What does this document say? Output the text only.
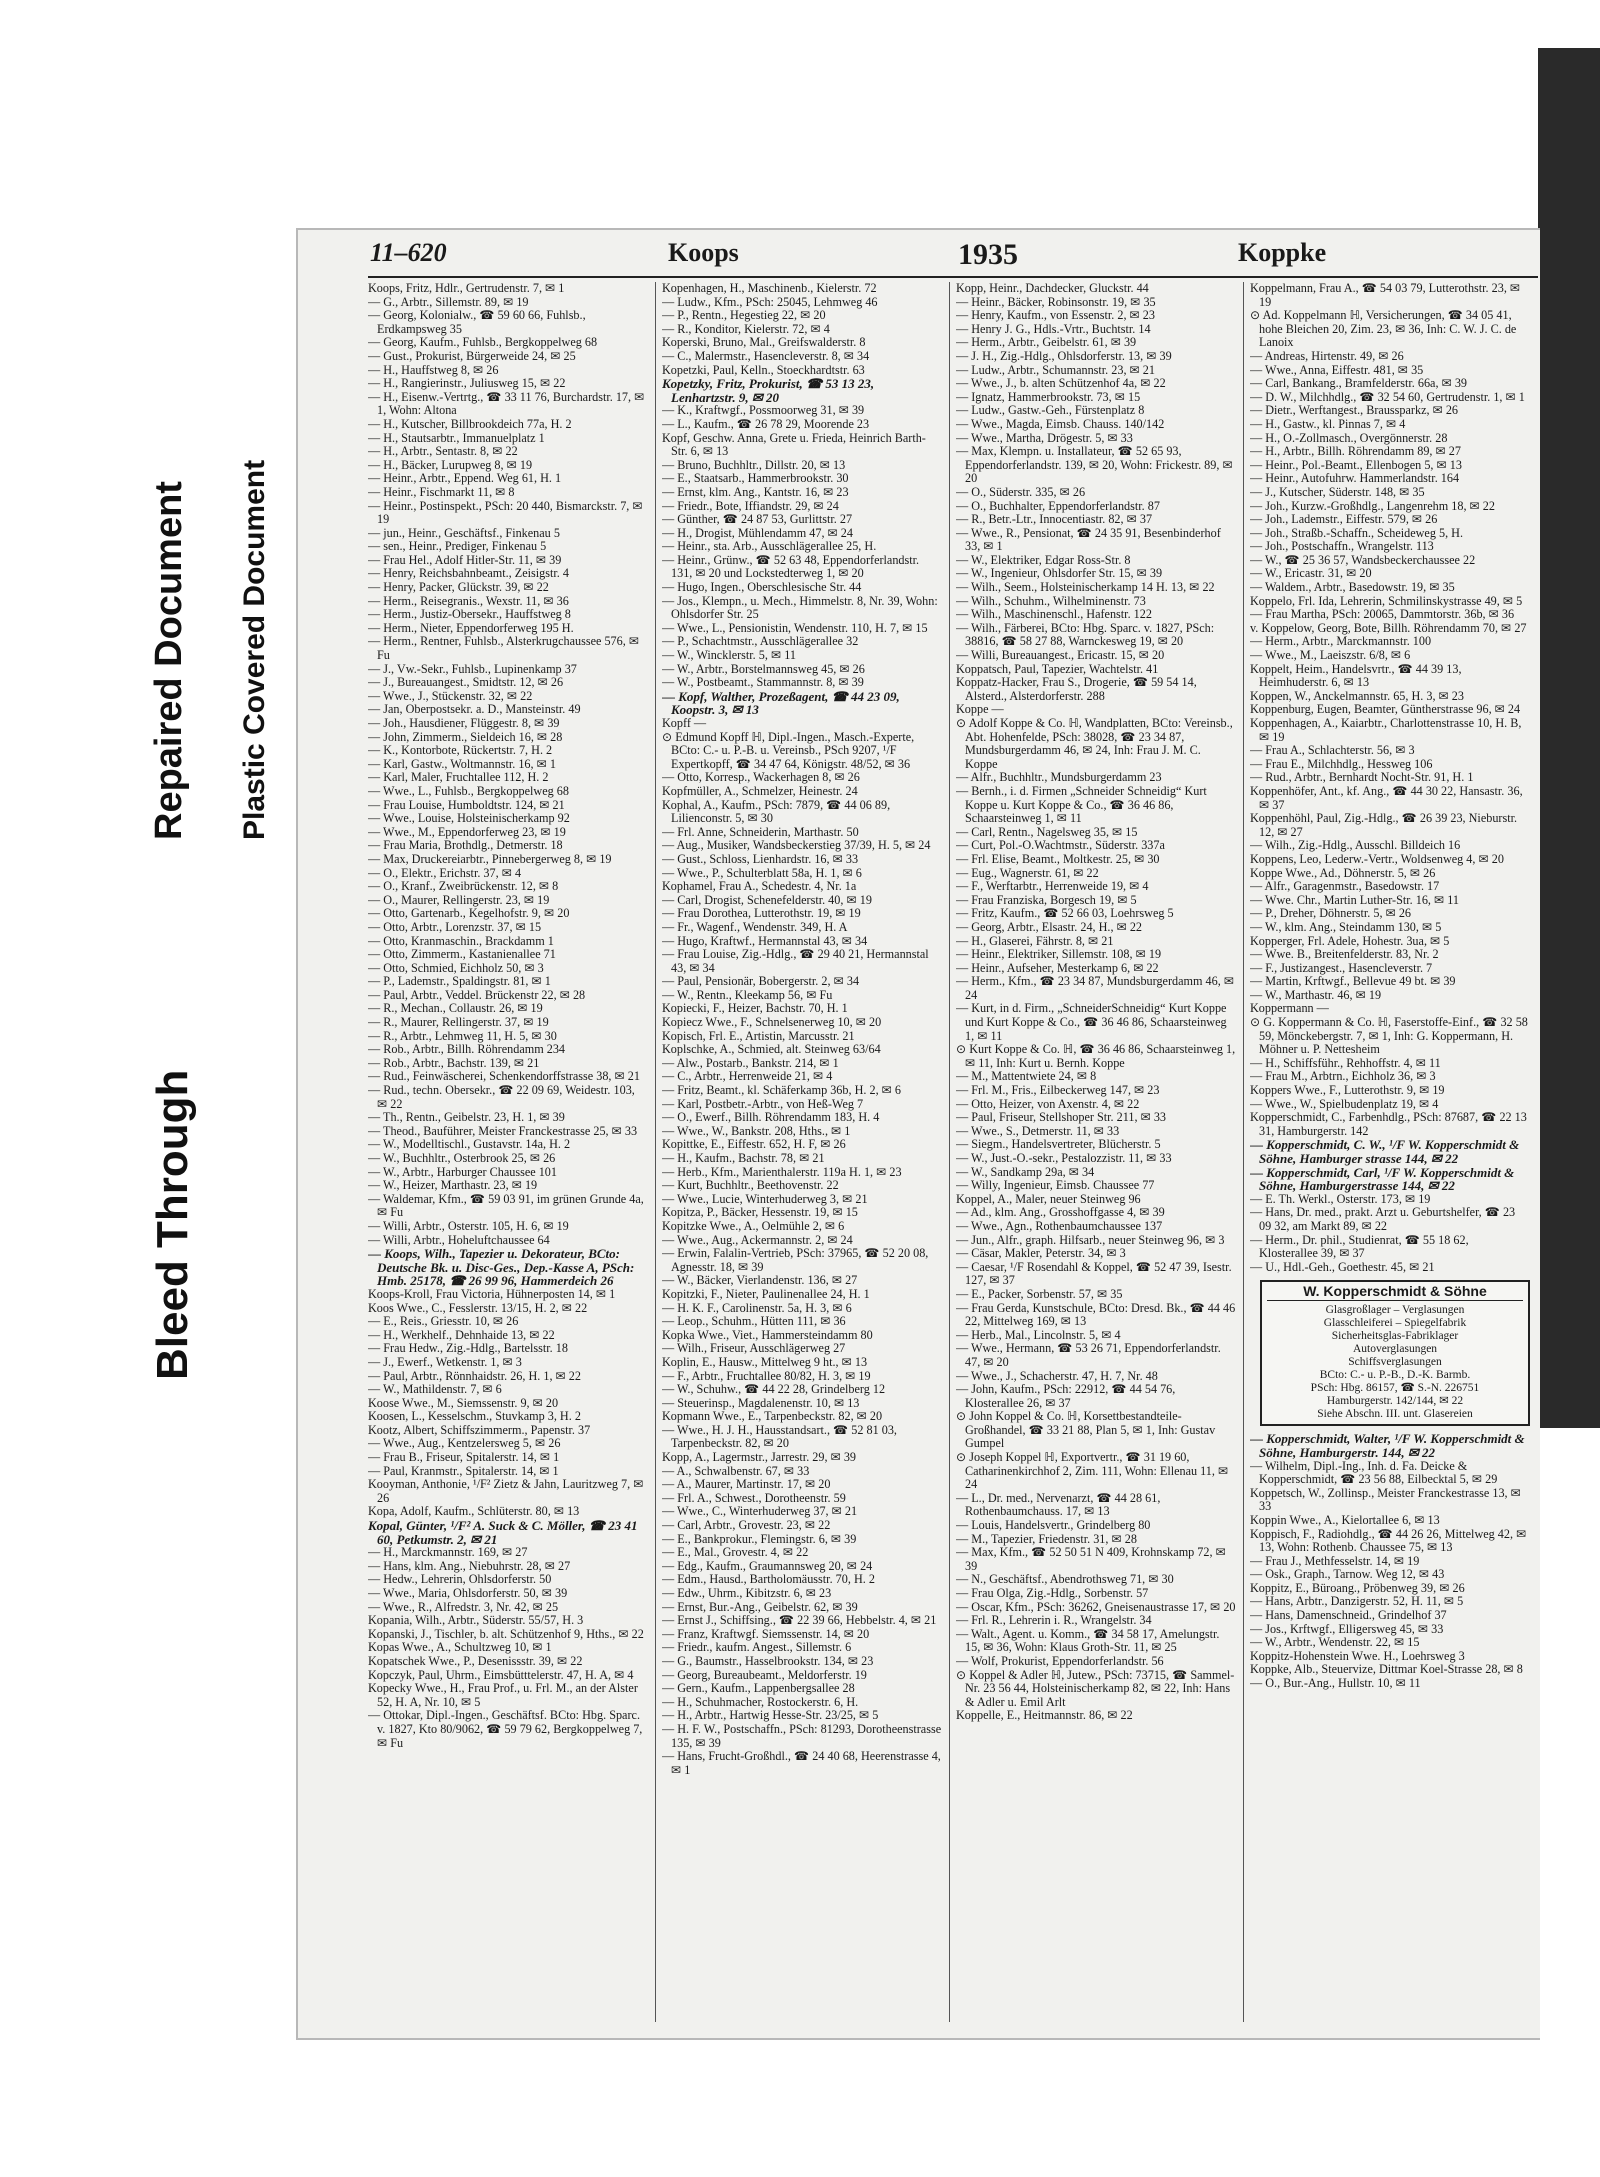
Bleed Through
Repaired Document Plastic Covered Document
11–620	Koops	1935	Koppke

Koops, Fritz, Hdlr., Gertrudenstr. 7, ✉ 1

— G., Arbtr., Sillemstr. 89, ✉ 19

— Georg, Kolonialw., ☎ 59 60 66, Fuhlsb., Erdkampsweg 35

— Georg, Kaufm., Fuhlsb., Bergkoppelweg 68

— Gust., Prokurist, Bürgerweide 24, ✉ 25

— H., Hauffstweg 8, ✉ 26

— H., Rangierinstr., Juliusweg 15, ✉ 22

— H., Eisenw.-Vertrtg., ☎ 33 11 76, Burchardstr. 17, ✉ 1, Wohn: Altona

— H., Kutscher, Billbrookdeich 77a, H. 2

— H., Stautsarbtr., Immanuelplatz 1

— H., Arbtr., Sentastr. 8, ✉ 22

— H., Bäcker, Lurupweg 8, ✉ 19

— Heinr., Arbtr., Eppend. Weg 61, H. 1

— Heinr., Fischmarkt 11, ✉ 8

— Heinr., Postinspekt., PSch: 20 440, Bismarckstr. 7, ✉ 19

— jun., Heinr., Geschäftsf., Finkenau 5

— sen., Heinr., Prediger, Finkenau 5

— Frau Hel., Adolf Hitler-Str. 11, ✉ 39

— Henry, Reichsbahnbeamt., Zeisigstr. 4

— Henry, Packer, Glückstr. 39, ✉ 22

— Herm., Reisegranis., Wexstr. 11, ✉ 36

— Herm., Justiz-Obersekr., Hauffstweg 8

— Herm., Nieter, Eppendorferweg 195 H.

— Herm., Rentner, Fuhlsb., Alsterkrugchaussee 576, ✉ Fu

— J., Vw.-Sekr., Fuhlsb., Lupinenkamp 37

— J., Bureauangest., Smidtstr. 12, ✉ 26

— Wwe., J., Stückenstr. 32, ✉ 22

— Jan, Oberpostsekr. a. D., Mansteinstr. 49

— Joh., Hausdiener, Flüggestr. 8, ✉ 39

— John, Zimmerm., Sieldeich 16, ✉ 28

— K., Kontorbote, Rückertstr. 7, H. 2

— Karl, Gastw., Woltmannstr. 16, ✉ 1

— Karl, Maler, Fruchtallee 112, H. 2

— Wwe., L., Fuhlsb., Bergkoppelweg 68

— Frau Louise, Humboldtstr. 124, ✉ 21

— Wwe., Louise, Holsteinischerkamp 92

— Wwe., M., Eppendorferweg 23, ✉ 19

— Frau Maria, Brothdlg., Detmerstr. 18

— Max, Druckereiarbtr., Pinnebergerweg 8, ✉ 19

— O., Elektr., Erichstr. 37, ✉ 4

— O., Kranf., Zweibrückenstr. 12, ✉ 8

— O., Maurer, Rellingerstr. 23, ✉ 19

— Otto, Gartenarb., Kegelhofstr. 9, ✉ 20

— Otto, Arbtr., Lorenzstr. 37, ✉ 15

— Otto, Kranmaschin., Brackdamm 1

— Otto, Zimmerm., Kastanienallee 71

— Otto, Schmied, Eichholz 50, ✉ 3

— P., Lademstr., Spaldingstr. 81, ✉ 1

— Paul, Arbtr., Veddel. Brückenstr 22, ✉ 28

— R., Mechan., Collaustr. 26, ✉ 19

— R., Maurer, Rellingerstr. 37, ✉ 19

— R., Arbtr., Lehmweg 11, H. 5, ✉ 30

— Rob., Arbtr., Billh. Röhrendamm 234

— Rob., Arbtr., Bachstr. 139, ✉ 21

— Rud., Feinwäscherei, Schenkendorffstrasse 38, ✉ 21

— Rud., techn. Obersekr., ☎ 22 09 69, Weidestr. 103, ✉ 22

— Th., Rentn., Geibelstr. 23, H. 1, ✉ 39

— Theod., Bauführer, Meister Franckestrasse 25, ✉ 33

— W., Modelltischl., Gustavstr. 14a, H. 2

— W., Buchhltr., Osterbrook 25, ✉ 26

— W., Arbtr., Harburger Chaussee 101

— W., Heizer, Marthastr. 23, ✉ 19

— Waldemar, Kfm., ☎ 59 03 91, im grünen Grunde 4a, ✉ Fu

— Willi, Arbtr., Osterstr. 105, H. 6, ✉ 19

— Willi, Arbtr., Hoheluftchaussee 64

— Koops, Wilh., Tapezier u. Dekorateur, BCto: Deutsche Bk. u. Disc-Ges., Dep.-Kasse A, PSch: Hmb. 25178, ☎ 26 99 96, Hammerdeich 26

Koops-Kroll, Frau Victoria, Hühnerposten 14, ✉ 1

Koos Wwe., C., Fesslerstr. 13/15, H. 2, ✉ 22

— E., Reis., Griesstr. 10, ✉ 26

— H., Werkhelf., Dehnhaide 13, ✉ 22

— Frau Hedw., Zig.-Hdlg., Bartelsstr. 18

— J., Ewerf., Wetkenstr. 1, ✉ 3

— Paul, Arbtr., Rönnhaidstr. 26, H. 1, ✉ 22

— W., Mathildenstr. 7, ✉ 6

Koose Wwe., M., Siemssenstr. 9, ✉ 20

Koosen, L., Kesselschm., Stuvkamp 3, H. 2

Kootz, Albert, Schiffszimmerm., Papenstr. 37

— Wwe., Aug., Kentzelersweg 5, ✉ 26

— Frau B., Friseur, Spitalerstr. 14, ✉ 1

— Paul, Kranmstr., Spitalerstr. 14, ✉ 1

Kooyman, Anthonie, ¹/F² Zietz & Jahn, Lauritzweg 7, ✉ 26

Kopa, Adolf, Kaufm., Schlüterstr. 80, ✉ 13

Kopal, Günter, ¹/F² A. Suck & C. Möller, ☎ 23 41 60, Petkumstr. 2, ✉ 21

— H., Marckmannstr. 169, ✉ 27

— Hans, klm. Ang., Niebuhrstr. 28, ✉ 27

— Hedw., Lehrerin, Ohlsdorferstr. 50

— Wwe., Maria, Ohlsdorferstr. 50, ✉ 39

— Wwe., R., Alfredstr. 3, Nr. 42, ✉ 25

Kopania, Wilh., Arbtr., Süderstr. 55/57, H. 3

Kopanski, J., Tischler, b. alt. Schützenhof 9, Hths., ✉ 22

Kopas Wwe., A., Schultzweg 10, ✉ 1

Kopatschek Wwe., P., Desenissstr. 39, ✉ 22

Kopczyk, Paul, Uhrm., Eimsbütttelerstr. 47, H. A, ✉ 4

Kopecky Wwe., H., Frau Prof., u. Frl. M., an der Alster 52, H. A, Nr. 10, ✉ 5

— Ottokar, Dipl.-Ingen., Geschäftsf. BCto: Hbg. Sparc. v. 1827, Kto 80/9062, ☎ 59 79 62, Bergkoppelweg 7, ✉ Fu

Kopenhagen, H., Maschinenb., Kielerstr. 72

— Ludw., Kfm., PSch: 25045, Lehmweg 46

— P., Rentn., Hegestieg 22, ✉ 20

— R., Konditor, Kielerstr. 72, ✉ 4

Koperski, Bruno, Mal., Greifswalderstr. 8

— C., Malermstr., Hasencleverstr. 8, ✉ 34

Kopetzki, Paul, Kelln., Stoeckhardtstr. 63

Kopetzky, Fritz, Prokurist, ☎ 53 13 23, Lenhartzstr. 9, ✉ 20

— K., Kraftwgf., Possmoorweg 31, ✉ 39

— L., Kaufm., ☎ 26 78 29, Moorende 23

Kopf, Geschw. Anna, Grete u. Frieda, Heinrich Barth-Str. 6, ✉ 13

— Bruno, Buchhltr., Dillstr. 20, ✉ 13

— E., Staatsarb., Hammerbrookstr. 30

— Ernst, klm. Ang., Kantstr. 16, ✉ 23

— Friedr., Bote, Iffiandstr. 29, ✉ 24

— Günther, ☎ 24 87 53, Gurlittstr. 27

— H., Drogist, Mühlendamm 47, ✉ 24

— Heinr., sta. Arb., Ausschlägerallee 25, H.

— Heinr., Grünw., ☎ 52 63 48, Eppendorferlandstr. 131, ✉ 20 und Lockstedterweg 1, ✉ 20

— Hugo, Ingen., Oberschlesische Str. 44

— Jos., Klempn., u. Mech., Himmelstr. 8, Nr. 39, Wohn: Ohlsdorfer Str. 25

— Wwe., L., Pensionistin, Wendenstr. 110, H. 7, ✉ 15

— P., Schachtmstr., Ausschlägerallee 32

— W., Wincklerstr. 5, ✉ 11

— W., Arbtr., Borstelmannsweg 45, ✉ 26

— W., Postbeamt., Stammannstr. 8, ✉ 39

— Kopf, Walther, Prozeßagent, ☎ 44 23 09, Koopstr. 3, ✉ 13

Kopff —

⊙ Edmund Kopff ℍ, Dipl.-Ingen., Masch.-Experte, BCto: C.- u. P.-B. u. Vereinsb., PSch 9207, ¹/F Expertkopff, ☎ 34 47 64, Königstr. 48/52, ✉ 36

— Otto, Korresp., Wackerhagen 8, ✉ 26

Kopfmüller, A., Schmelzer, Heinestr. 24

Kophal, A., Kaufm., PSch: 7879, ☎ 44 06 89, Lilienconstr. 5, ✉ 30

— Frl. Anne, Schneiderin, Marthastr. 50

— Aug., Musiker, Wandsbeckerstieg 37/39, H. 5, ✉ 24

— Gust., Schloss, Lienhardstr. 16, ✉ 33

— Wwe., P., Schulterblatt 58a, H. 1, ✉ 6

Kophamel, Frau A., Schedestr. 4, Nr. 1a

— Carl, Drogist, Schenefelderstr. 40, ✉ 19

— Frau Dorothea, Lutterothstr. 19, ✉ 19

— Fr., Wagenf., Wendenstr. 349, H. A

— Hugo, Kraftwf., Hermannstal 43, ✉ 34

— Frau Louise, Zig.-Hdlg., ☎ 29 40 21, Hermannstal 43, ✉ 34

— Paul, Pensionär, Bobergerstr. 2, ✉ 34

— W., Rentn., Kleekamp 56, ✉ Fu

Kopiecki, F., Heizer, Bachstr. 70, H. 1

Kopiecz Wwe., F., Schnelsenerweg 10, ✉ 20

Kopisch, Frl. E., Artistin, Marcusstr. 21

Koplschke, A., Schmied, alt. Steinweg 63/64

— Alw., Postarb., Bankstr. 214, ✉ 1

— C., Arbtr., Herrenweide 21, ✉ 4

— Fritz, Beamt., kl. Schäferkamp 36b, H. 2, ✉ 6

— Karl, Postbetr.-Arbtr., von Heß-Weg 7

— O., Ewerf., Billh. Röhrendamm 183, H. 4

— Wwe., W., Bankstr. 208, Hths., ✉ 1

Kopittke, E., Eiffestr. 652, H. F, ✉ 26

— H., Kaufm., Bachstr. 78, ✉ 21

— Herb., Kfm., Marienthalerstr. 119a H. 1, ✉ 23

— Kurt, Buchhltr., Beethovenstr. 22

— Wwe., Lucie, Winterhuderweg 3, ✉ 21

Kopitza, P., Bäcker, Hessenstr. 19, ✉ 15

Kopitzke Wwe., A., Oelmühle 2, ✉ 6

— Wwe., Aug., Ackermannstr. 2, ✉ 24

— Erwin, Falalin-Vertrieb, PSch: 37965, ☎ 52 20 08, Agnesstr. 18, ✉ 39

— W., Bäcker, Vierlandenstr. 136, ✉ 27

Kopitzki, F., Nieter, Paulinenallee 24, H. 1

— H. K. F., Carolinenstr. 5a, H. 3, ✉ 6

— Leop., Schuhm., Hütten 111, ✉ 36

Kopka Wwe., Viet., Hammersteindamm 80

— Wilh., Friseur, Ausschlägerweg 27

Koplin, E., Hausw., Mittelweg 9 ht., ✉ 13

— F., Arbtr., Fruchtallee 80/82, H. 3, ✉ 19

— W., Schuhw., ☎ 44 22 28, Grindelberg 12

— Steuerinsp., Magdalenenstr. 10, ✉ 13

Kopmann Wwe., E., Tarpenbeckstr. 82, ✉ 20

— Wwe., H. J. H., Hausstandsart., ☎ 52 81 03, Tarpenbeckstr. 82, ✉ 20

Kopp, A., Lagermstr., Jarrestr. 29, ✉ 39

— A., Schwalbenstr. 67, ✉ 33

— A., Maurer, Martinstr. 17, ✉ 20

— Frl. A., Schwest., Dorotheenstr. 59

— Wwe., C., Winterhuderweg 37, ✉ 21

— Carl, Arbtr., Grovestr. 23, ✉ 22

— E., Bankprokur., Flemingstr. 6, ✉ 39

— E., Mal., Grovestr. 4, ✉ 22

— Edg., Kaufm., Graumannsweg 20, ✉ 24

— Edm., Hausd., Bartholomäusstr. 70, H. 2

— Edw., Uhrm., Kibitzstr. 6, ✉ 23

— Ernst, Bur.-Ang., Geibelstr. 62, ✉ 39

— Ernst J., Schiffsing., ☎ 22 39 66, Hebbelstr. 4, ✉ 21

— Franz, Kraftwgf. Siemssenstr. 14, ✉ 20

— Friedr., kaufm. Angest., Sillemstr. 6

— G., Baumstr., Hasselbrookstr. 134, ✉ 23

— Georg, Bureaubeamt., Meldorferstr. 19

— Gern., Kaufm., Lappenbergsallee 28

— H., Schuhmacher, Rostockerstr. 6, H.

— H., Arbtr., Hartwig Hesse-Str. 23/25, ✉ 5

— H. F. W., Postschaffn., PSch: 81293, Dorotheenstrasse 135, ✉ 39

— Hans, Frucht-Großhdl., ☎ 24 40 68, Heerenstrasse 4, ✉ 1

Kopp, Heinr., Dachdecker, Gluckstr. 44

— Heinr., Bäcker, Robinsonstr. 19, ✉ 35

— Henry, Kaufm., von Essenstr. 2, ✉ 23

— Henry J. G., Hdls.-Vrtr., Buchtstr. 14

— Herm., Arbtr., Geibelstr. 61, ✉ 39

— J. H., Zig.-Hdlg., Ohlsdorferstr. 13, ✉ 39

— Ludw., Arbtr., Schumannstr. 23, ✉ 21

— Wwe., J., b. alten Schützenhof 4a, ✉ 22

— Ignatz, Hammerbrookstr. 73, ✉ 15

— Ludw., Gastw.-Geh., Fürstenplatz 8

— Wwe., Magda, Eimsb. Chauss. 140/142

— Wwe., Martha, Drögestr. 5, ✉ 33

— Max, Klempn. u. Installateur, ☎ 52 65 93, Eppendorferlandstr. 139, ✉ 20, Wohn: Frickestr. 89, ✉ 20

— O., Süderstr. 335, ✉ 26

— O., Buchhalter, Eppendorferlandstr. 87

— R., Betr.-Ltr., Innocentiastr. 82, ✉ 37

— Wwe., R., Pensionat, ☎ 24 35 91, Besenbinderhof 33, ✉ 1

— W., Elektriker, Edgar Ross-Str. 8

— W., Ingenieur, Ohlsdorfer Str. 15, ✉ 39

— Wilh., Seem., Holsteinischerkamp 14 H. 13, ✉ 22

— Wilh., Schuhm., Wilhelminenstr. 73

— Wilh., Maschinenschl., Hafenstr. 122

— Wilh., Färberei, BCto: Hbg. Sparc. v. 1827, PSch: 38816, ☎ 58 27 88, Warnckesweg 19, ✉ 20

— Willi, Bureauangest., Ericastr. 15, ✉ 20

Koppatsch, Paul, Tapezier, Wachtelstr. 41

Koppatz-Hacker, Frau S., Drogerie, ☎ 59 54 14, Alsterd., Alsterdorferstr. 288

Koppe —

⊙ Adolf Koppe & Co. ℍ, Wandplatten, BCto: Vereinsb., Abt. Hohenfelde, PSch: 38028, ☎ 23 34 87, Mundsburgerdamm 46, ✉ 24, Inh: Frau J. M. C. Koppe

— Alfr., Buchhltr., Mundsburgerdamm 23

— Bernh., i. d. Firmen „Schneider Schneidig“ Kurt Koppe u. Kurt Koppe & Co., ☎ 36 46 86, Schaarsteinweg 1, ✉ 11

— Carl, Rentn., Nagelsweg 35, ✉ 15

— Curt, Pol.-O.Wachtmstr., Süderstr. 337a

— Frl. Elise, Beamt., Moltkestr. 25, ✉ 30

— Eug., Wagnerstr. 61, ✉ 22

— F., Werftarbtr., Herrenweide 19, ✉ 4

— Frau Franziska, Borgesch 19, ✉ 5

— Fritz, Kaufm., ☎ 52 66 03, Loehrsweg 5

— Georg, Arbtr., Elsastr. 24, H., ✉ 22

— H., Glaserei, Fährstr. 8, ✉ 21

— Heinr., Elektriker, Sillemstr. 108, ✉ 19

— Heinr., Aufseher, Mesterkamp 6, ✉ 22

— Herm., Kfm., ☎ 23 34 87, Mundsburgerdamm 46, ✉ 24

— Kurt, in d. Firm., „SchneiderSchneidig“ Kurt Koppe und Kurt Koppe & Co., ☎ 36 46 86, Schaarsteinweg 1, ✉ 11

⊙ Kurt Koppe & Co. ℍ, ☎ 36 46 86, Schaarsteinweg 1, ✉ 11, Inh: Kurt u. Bernh. Koppe

— M., Mattentwiete 24, ✉ 8

— Frl. M., Fris., Eilbeckerweg 147, ✉ 23

— Otto, Heizer, von Axenstr. 4, ✉ 22

— Paul, Friseur, Stellshoper Str. 211, ✉ 33

— Wwe., S., Detmerstr. 11, ✉ 33

— Siegm., Handelsvertreter, Blücherstr. 5

— W., Just.-O.-sekr., Pestalozzistr. 11, ✉ 33

— W., Sandkamp 29a, ✉ 34

— Willy, Ingenieur, Eimsb. Chaussee 77

Koppel, A., Maler, neuer Steinweg 96

— Ad., klm. Ang., Grosshoffgasse 4, ✉ 39

— Wwe., Agn., Rothenbaumchaussee 137

— Jun., Alfr., graph. Hilfsarb., neuer Steinweg 96, ✉ 3

— Cäsar, Makler, Peterstr. 34, ✉ 3

— Caesar, ¹/F Rosendahl & Koppel, ☎ 52 47 39, Isestr. 127, ✉ 37

— E., Packer, Sorbenstr. 57, ✉ 35

— Frau Gerda, Kunstschule, BCto: Dresd. Bk., ☎ 44 46 22, Mittelweg 169, ✉ 13

— Herb., Mal., Lincolnstr. 5, ✉ 4

— Wwe., Hermann, ☎ 53 26 71, Eppendorferlandstr. 47, ✉ 20

— Wwe., J., Schacherstr. 47, H. 7, Nr. 48

— John, Kaufm., PSch: 22912, ☎ 44 54 76, Klosterallee 26, ✉ 37

⊙ John Koppel & Co. ℍ, Korsettbestandteile-Großhandel, ☎ 33 21 88, Plan 5, ✉ 1, Inh: Gustav Gumpel

⊙ Joseph Koppel ℍ, Exportvertr., ☎ 31 19 60, Catharinenkirchhof 2, Zim. 111, Wohn: Ellenau 11, ✉ 24

— L., Dr. med., Nervenarzt, ☎ 44 28 61, Rothenbaumchauss. 17, ✉ 13

— Louis, Handelsvertr., Grindelberg 80

— M., Tapezier, Friedenstr. 31, ✉ 28

— Max, Kfm., ☎ 52 50 51 N 409, Krohnskamp 72, ✉ 39

— N., Geschäftsf., Abendrothsweg 71, ✉ 30

— Frau Olga, Zig.-Hdlg., Sorbenstr. 57

— Oscar, Kfm., PSch: 36262, Gneisenaustrasse 17, ✉ 20

— Frl. R., Lehrerin i. R., Wrangelstr. 34

— Walt., Agent. u. Komm., ☎ 34 58 17, Amelungstr. 15, ✉ 36, Wohn: Klaus Groth-Str. 11, ✉ 25

— Wolf, Prokurist, Eppendorferlandstr. 56

⊙ Koppel & Adler ℍ, Jutew., PSch: 73715, ☎ Sammel-Nr. 23 56 44, Holsteinischerkamp 82, ✉ 22, Inh: Hans & Adler u. Emil Arlt

Koppelle, E., Heitmannstr. 86, ✉ 22

Koppelmann, Frau A., ☎ 54 03 79, Lutterothstr. 23, ✉ 19

⊙ Ad. Koppelmann ℍ, Versicherungen, ☎ 34 05 41, hohe Bleichen 20, Zim. 23, ✉ 36, Inh: C. W. J. C. de Lanoix

— Andreas, Hirtenstr. 49, ✉ 26

— Wwe., Anna, Eiffestr. 481, ✉ 35

— Carl, Bankang., Bramfelderstr. 66a, ✉ 39

— D. W., Milchhdlg., ☎ 32 54 60, Gertrudenstr. 1, ✉ 1

— Dietr., Werftangest., Braussparkz, ✉ 26

— H., Gastw., kl. Pinnas 7, ✉ 4

— H., O.-Zollmasch., Overgönnerstr. 28

— H., Arbtr., Billh. Röhrendamm 89, ✉ 27

— Heinr., Pol.-Beamt., Ellenbogen 5, ✉ 13

— Heinr., Autofuhrw. Hammerlandstr. 164

— J., Kutscher, Süderstr. 148, ✉ 35

— Joh., Kurzw.-Großhdlg., Langenrehm 18, ✉ 22

— Joh., Lademstr., Eiffestr. 579, ✉ 26

— Joh., Straßb.-Schaffn., Scheideweg 5, H.

— Joh., Postschaffn., Wrangelstr. 113

— W., ☎ 25 36 57, Wandsbeckerchaussee 22

— W., Ericastr. 31, ✉ 20

— Waldem., Arbtr., Basedowstr. 19, ✉ 35

Koppelo, Frl. Ida, Lehrerin, Schmilinskystrasse 49, ✉ 5

— Frau Martha, PSch: 20065, Dammtorstr. 36b, ✉ 36

v. Koppelow, Georg, Bote, Billh. Röhrendamm 70, ✉ 27

— Herm., Arbtr., Marckmannstr. 100

— Wwe., M., Laeiszstr. 6/8, ✉ 6

Koppelt, Heim., Handelsvrtr., ☎ 44 39 13, Heimhuderstr. 6, ✉ 13

Koppen, W., Anckelmannstr. 65, H. 3, ✉ 23

Koppenburg, Eugen, Beamter, Güntherstrasse 96, ✉ 24

Koppenhagen, A., Kaiarbtr., Charlottenstrasse 10, H. B, ✉ 19

— Frau A., Schlachterstr. 56, ✉ 3

— Frau E., Milchhdlg., Hessweg 106

— Rud., Arbtr., Bernhardt Nocht-Str. 91, H. 1

Koppenhöfer, Ant., kf. Ang., ☎ 44 30 22, Hansastr. 36, ✉ 37

Koppenhöhl, Paul, Zig.-Hdlg., ☎ 26 39 23, Nieburstr. 12, ✉ 27

— Wilh., Zig.-Hdlg., Ausschl. Billdeich 16

Koppens, Leo, Lederw.-Vertr., Woldsenweg 4, ✉ 20

Koppe Wwe., Ad., Döhnerstr. 5, ✉ 26

— Alfr., Garagenmstr., Basedowstr. 17

— Wwe. Chr., Martin Luther-Str. 16, ✉ 11

— P., Dreher, Döhnerstr. 5, ✉ 26

— W., klm. Ang., Steindamm 130, ✉ 5

Kopperger, Frl. Adele, Hohestr. 3ua, ✉ 5

— Wwe. B., Breitenfelderstr. 83, Nr. 2

— F., Justizangest., Hasencleverstr. 7

— Martin, Krftwgf., Bellevue 49 bt. ✉ 39

— W., Marthastr. 46, ✉ 19

Koppermann —

⊙ G. Koppermann & Co. ℍ, Faserstoffe-Einf., ☎ 32 58 59, Mönckebergstr. 7, ✉ 1, Inh: G. Koppermann, H. Möhner u. P. Nettesheim

— H., Schiffsführ., Rehhoffstr. 4, ✉ 11

— Frau M., Arbtrn., Eichholz 36, ✉ 3

Koppers Wwe., F., Lutterothstr. 9, ✉ 19

— Wwe., W., Spielbudenplatz 19, ✉ 4

Kopperschmidt, C., Farbenhdlg., PSch: 87687, ☎ 22 13 31, Hamburgerstr. 142

— Kopperschmidt, C. W., ¹/F W. Kopperschmidt & Söhne, Hamburger strasse 144, ✉ 22

— Kopperschmidt, Carl, ¹/F W. Kopperschmidt & Söhne, Hamburgerstrasse 144, ✉ 22

— E. Th. Werkl., Osterstr. 173, ✉ 19

— Hans, Dr. med., prakt. Arzt u. Geburtshelfer, ☎ 23 09 32, am Markt 89, ✉ 22

— Herm., Dr. phil., Studienrat, ☎ 55 18 62, Klosterallee 39, ✉ 37

— U., Hdl.-Geh., Goethestr. 45, ✉ 21

W. Kopperschmidt & Söhne
Glasgroßlager – Verglasungen
Glasschleiferei – Spiegelfabrik
Sicherheitsglas-Fabriklager
Autoverglasungen
Schiffsverglasungen
BCto: C.- u. P.-B., D.-K. Barmb.
PSch: Hbg. 86157, ☎ S.-N. 226751
Hamburgerstr. 142/144, ✉ 22
Siehe Abschn. III. unt. Glasereien

— Kopperschmidt, Walter, ¹/F W. Kopperschmidt & Söhne, Hamburgerstr. 144, ✉ 22

— Wilhelm, Dipl.-Ing., Inh. d. Fa. Deicke & Kopperschmidt, ☎ 23 56 88, Eilbecktal 5, ✉ 29

Koppetsch, W., Zollinsp., Meister Franckestrasse 13, ✉ 33

Koppin Wwe., A., Kielortallee 6, ✉ 13

Koppisch, F., Radiohdlg., ☎ 44 26 26, Mittelweg 42, ✉ 13, Wohn: Rothenb. Chaussee 75, ✉ 13

— Frau J., Methfesselstr. 14, ✉ 19

— Osk., Graph., Tarnow. Weg 12, ✉ 43

Koppitz, E., Büroang., Pröbenweg 39, ✉ 26

— Hans, Arbtr., Danzigerstr. 52, H. 11, ✉ 5

— Hans, Damenschneid., Grindelhof 37

— Jos., Krftwgf., Elligersweg 45, ✉ 33

— W., Arbtr., Wendenstr. 22, ✉ 15

Koppitz-Hohenstein Wwe. H., Loehrsweg 3

Koppke, Alb., Steuervize, Dittmar Koel-Strasse 28, ✉ 8

— O., Bur.-Ang., Hullstr. 10, ✉ 11
